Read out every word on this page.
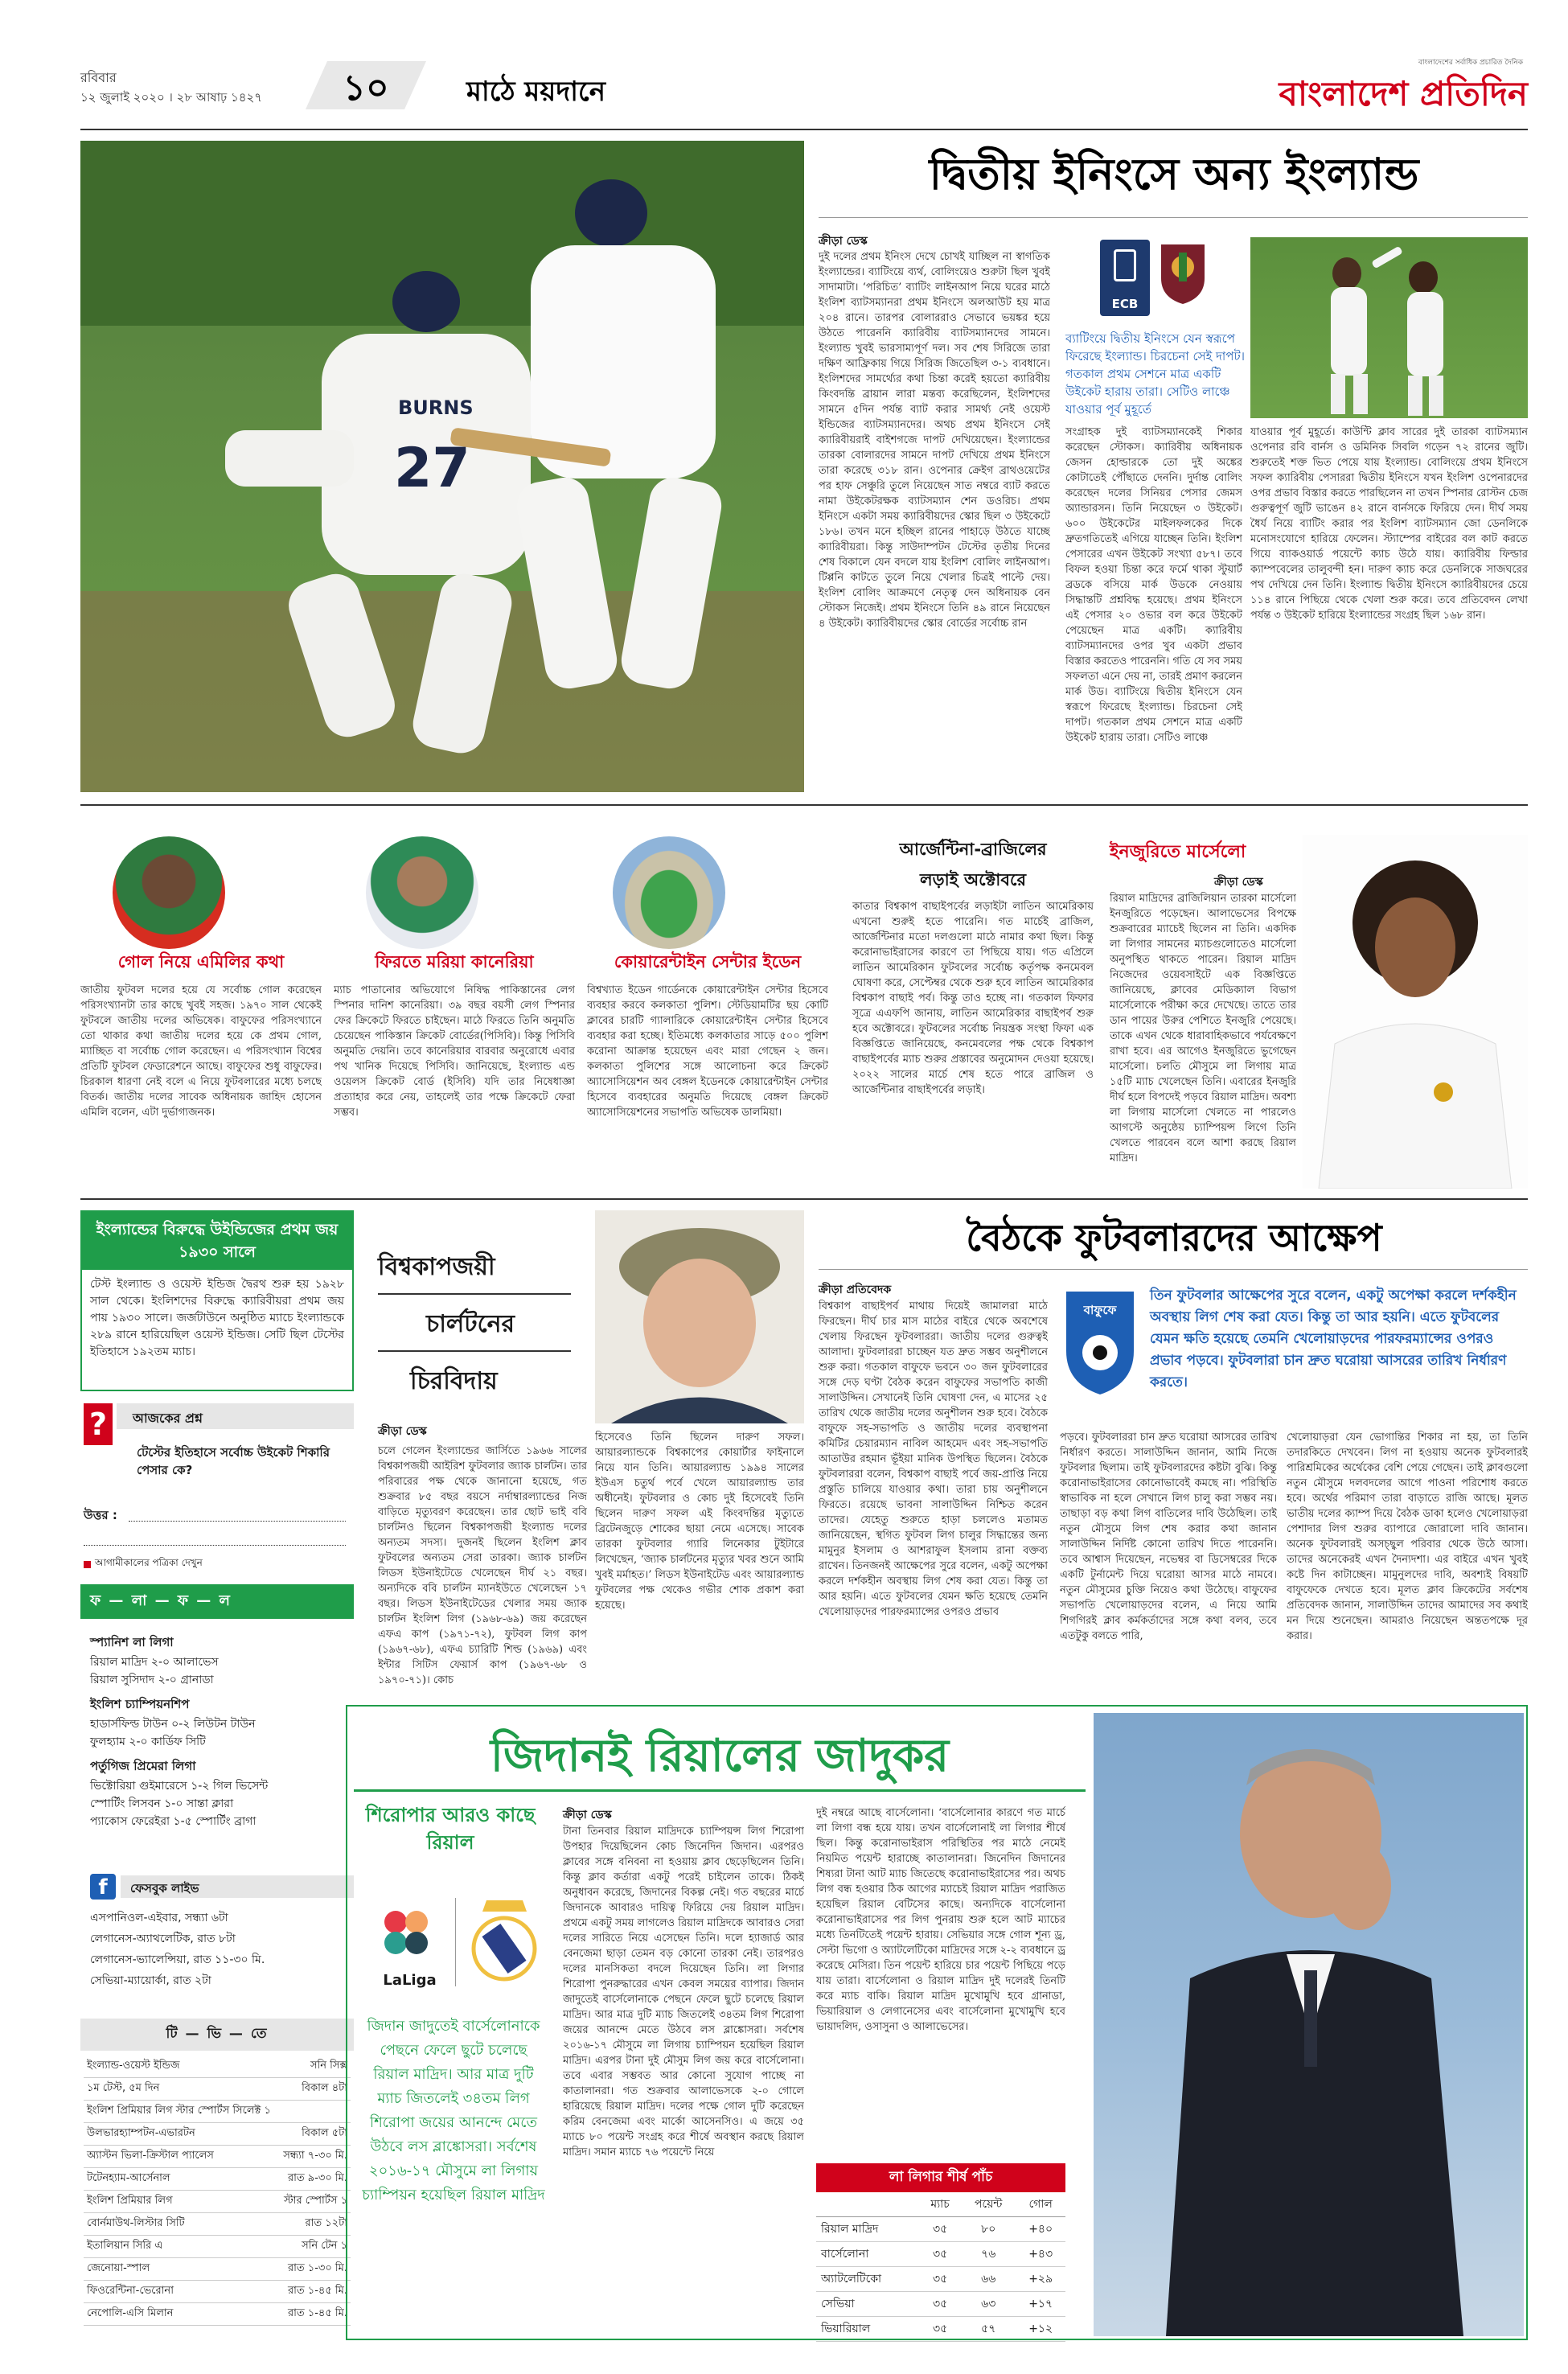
রবিবার
১২ জুলাই ২০২০ । ২৮ আষাঢ় ১৪২৭	১০	মাঠে ময়দানে
বাংলাদেশের সর্বাধিক প্রচারিত দৈনিক
বাংলাদেশ প্রতিদিন
27
BURNS
দ্বিতীয় ইনিংসে অন্য ইংল্যান্ড
ক্রীড়া ডেস্ক
দুই দলের প্রথম ইনিংস দেখে চোখই যাচ্ছিল না স্বাগতিক ইংল্যান্ডের। ব্যাটিংয়ে ব্যর্থ, বোলিংয়েও শুরুটা ছিল খুবই সাদামাটা। ‘পরিচিত’ ব্যাটিং লাইনআপ নিয়ে ঘরের মাঠে ইংলিশ ব্যাটসম্যানরা প্রথম ইনিংসে অলআউট হয় মাত্র ২০৪ রানে। তারপর বোলাররাও সেভাবে ভয়ঙ্কর হয়ে উঠতে পারেননি ক্যারিবীয় ব্যাটসম্যানদের সামনে। ইংল্যান্ড খুবই ভারসাম্যপূর্ণ দল। সব শেষ সিরিজে তারা দক্ষিণ আফ্রিকায় গিয়ে সিরিজ জিতেছিল ৩-১ ব্যবধানে। ইংলিশদের সামর্থ্যের কথা চিন্তা করেই হয়তো ক্যারিবীয় কিংবদন্তি ব্রায়ান লারা মন্তব্য করেছিলেন, ইংলিশদের সামনে ৫দিন পর্যন্ত ব্যাট করার সামর্থ্য নেই ওয়েস্ট ইন্ডিজের ব্যাটসম্যানদের। অথচ প্রথম ইনিংসে সেই ক্যারিবীয়রাই বাইশগজে দাপট দেখিয়েছেন। ইংল্যান্ডের তারকা বোলারদের সামনে দাপট দেখিয়ে প্রথম ইনিংসে তারা করেছে ৩১৮ রান। ওপেনার ক্রেইগ ব্রাথওয়েটের পর হাফ সেঞ্চুরি তুলে নিয়েছেন সাত নম্বরে ব্যাট করতে নামা উইকেটরক্ষক ব্যাটসম্যান শেন ডওরিচ। প্রথম ইনিংসে একটা সময় ক্যারিবীয়দের স্কোর ছিল ৩ উইকেটে ১৮৬। তখন মনে হচ্ছিল রানের পাহাড়ে উঠতে যাচ্ছে ক্যারিবীয়রা। কিন্তু সাউদাম্পটন টেস্টের তৃতীয় দিনের শেষ বিকালে যেন বদলে যায় ইংলিশ বোলিং লাইনআপ। টিপ্পনি কাটতে তুলে নিয়ে খেলার চিত্রই পাল্টে দেয়। ইংলিশ বোলিং আক্রমণে নেতৃত্ব দেন অধিনায়ক বেন স্টোকস নিজেই। প্রথম ইনিংসে তিনি ৪৯ রানে নিয়েছেন ৪ উইকেট। ক্যারিবীয়দের স্কোর বোর্ডের সর্বোচ্চ রান
ECB
ব্যাটিংয়ে দ্বিতীয় ইনিংসে যেন স্বরূপে ফিরেছে ইংল্যান্ড। চিরচেনা সেই দাপট। গতকাল প্রথম সেশনে মাত্র একটি উইকেট হারায় তারা। সেটিও লাঞ্চে যাওয়ার পূর্ব মুহূর্তে
সংগ্রাহক দুই ব্যাটসম্যানকেই শিকার করেছেন স্টোকস। ক্যারিবীয় অধিনায়ক জেসন হোল্ডারকে তো দুই অঙ্কের কোটাতেই পৌঁছাতে দেননি। দুর্দান্ত বোলিং করেছেন দলের সিনিয়র পেসার জেমস অ্যান্ডারসন। তিনি নিয়েছেন ৩ উইকেট। ৬০০ উইকেটের মাইলফলকের দিকে দ্রুতগতিতেই এগিয়ে যাচ্ছেন তিনি। ইংলিশ পেসারের এখন উইকেট সংখ্যা ৫৮৭। তবে বিফল হওয়া চিন্তা করে ফর্মে থাকা স্টুয়ার্ট ব্রডকে বসিয়ে মার্ক উডকে নেওয়ায় সিদ্ধান্তটি প্রশ্নবিদ্ধ হয়েছে। প্রথম ইনিংসে এই পেসার ২০ ওভার বল করে উইকেট পেয়েছেন মাত্র একটি। ক্যারিবীয় ব্যাটসম্যানদের ওপর খুব একটা প্রভাব বিস্তার করতেও পারেননি। গতি যে সব সময় সফলতা এনে দেয় না, তারই প্রমাণ করলেন মার্ক উড। ব্যাটিংয়ে দ্বিতীয় ইনিংসে যেন স্বরূপে ফিরেছে ইংল্যান্ড। চিরচেনা সেই দাপট। গতকাল প্রথম সেশনে মাত্র একটি উইকেট হারায় তারা। সেটিও লাঞ্চে
যাওয়ার পূর্ব মুহূর্তে। কাউন্টি ক্লাব সারের দুই তারকা ব্যাটসম্যান ওপেনার রবি বার্নস ও ডমিনিক সিবলি গড়েন ৭২ রানের জুটি। শুরুতেই শক্ত ভিত পেয়ে যায় ইংল্যান্ড। বোলিংয়ে প্রথম ইনিংসে সফল ক্যারিবীয় পেসাররা দ্বিতীয় ইনিংসে যখন ইংলিশ ওপেনারদের ওপর প্রভাব বিস্তার করতে পারছিলেন না তখন স্পিনার রোস্টন চেজ গুরুত্বপূর্ণ জুটি ভাঙেন ৪২ রানে বার্নসকে ফিরিয়ে দেন। দীর্ঘ সময় ধৈর্য নিয়ে ব্যাটিং করার পর ইংলিশ ব্যাটসম্যান জো ডেনলিকে মনোসংযোগে হারিয়ে ফেলেন। স্ট্যাম্পের বাইরের বল কাট করতে গিয়ে ব্যাকওয়ার্ড পয়েন্টে ক্যাচ উঠে যায়। ক্যারিবীয় ফিল্ডার ক্যাম্পবেলের তালুবন্দী হন। দারুণ ক্যাচ করে ডেনলিকে সাজঘরের পথ দেখিয়ে দেন তিনি। ইংল্যান্ড দ্বিতীয় ইনিংসে ক্যারিবীয়দের চেয়ে ১১৪ রানে পিছিয়ে থেকে খেলা শুরু করে। তবে প্রতিবেদন লেখা পর্যন্ত ৩ উইকেট হারিয়ে ইংল্যান্ডের সংগ্রহ ছিল ১৬৮ রান।
গোল নিয়ে এমিলির কথা
জাতীয় ফুটবল দলের হয়ে যে সর্বোচ্চ গোল করেছেন পরিসংখ্যানটা তার কাছে খুবই সহজ। ১৯৭০ সাল থেকেই ফুটবলে জাতীয় দলের অভিষেক। বাফুফের পরিসংখ্যানে তো থাকার কথা জাতীয় দলের হয়ে কে প্রথম গোল, ম্যাচ্ছিত বা সর্বোচ্চ গোল করেছেন। এ পরিসংখ্যান বিশ্বের প্রতিটি ফুটবল ফেডারেশনে আছে। বাফুফের শুধু বাফুফের। চিরকাল ধারণা নেই বলে এ নিয়ে ফুটবলারের মধ্যে চলছে বিতর্ক। জাতীয় দলের সাবেক অধিনায়ক জাহিদ হোসেন এমিলি বলেন, এটা দুর্ভাগ্যজনক।
ফিরতে মরিয়া কানেরিয়া
ম্যাচ পাতানোর অভিযোগে নিষিদ্ধ পাকিস্তানের লেগ স্পিনার দানিশ কানেরিয়া। ৩৯ বছর বয়সী লেগ স্পিনার ফের ক্রিকেটে ফিরতে চাইছেন। মাঠে ফিরতে তিনি অনুমতি চেয়েছেন পাকিস্তান ক্রিকেট বোর্ডের(পিসিবি)। কিন্তু পিসিবি অনুমতি দেয়নি। তবে কানেরিয়ার বারবার অনুরোধে এবার পথ খানিক দিয়েছে পিসিবি। জানিয়েছে, ইংল্যান্ড এন্ড ওয়েলস ক্রিকেট বোর্ড (ইসিবি) যদি তার নিষেধাজ্ঞা প্রত্যাহার করে নেয়, তাহলেই তার পক্ষে ক্রিকেটে ফেরা সম্ভব।
কোয়ারেন্টাইন সেন্টার ইডেন
বিশ্বখ্যাত ইডেন গার্ডেনকে কোয়ারেন্টাইন সেন্টার হিসেবে ব্যবহার করবে কলকাতা পুলিশ। স্টেডিয়ামটির ছয় কোটি ক্লাবের চারটি গ্যালারিকে কোয়ারেন্টাইন সেন্টার হিসেবে ব্যবহার করা হচ্ছে। ইতিমধ্যে কলকাতার সাড়ে ৫০০ পুলিশ করোনা আক্রান্ত হয়েছেন এবং মারা গেছেন ২ জন। কলকাতা পুলিশের সঙ্গে আলোচনা করে ক্রিকেট অ্যাসোসিয়েশন অব বেঙ্গল ইডেনকে কোয়ারেন্টাইন সেন্টার হিসেবে ব্যবহারের অনুমতি দিয়েছে বেঙ্গল ক্রিকেট অ্যাসোসিয়েশনের সভাপতি অভিষেক ডালমিয়া।
আর্জেন্টিনা-ব্রাজিলের
লড়াই অক্টোবরে
কাতার বিশ্বকাপ বাছাইপর্বের লড়াইটা লাতিন আমেরিকায় এখনো শুরুই হতে পারেনি। গত মার্চেই ব্রাজিল, আর্জেন্টিনার মতো দলগুলো মাঠে নামার কথা ছিল। কিন্তু করোনাভাইরাসের কারণে তা পিছিয়ে যায়। গত এপ্রিলে লাতিন আমেরিকান ফুটবলের সর্বোচ্চ কর্তৃপক্ষ কনমেবল ঘোষণা করে, সেপ্টেম্বর থেকে শুরু হবে লাতিন আমেরিকার বিশ্বকাপ বাছাই পর্ব। কিন্তু তাও হচ্ছে না। গতকাল ফিফার সূত্রে এএফপি জানায়, লাতিন আমেরিকার বাছাইপর্ব শুরু হবে অক্টোবরে। ফুটবলের সর্বোচ্চ নিয়ন্ত্রক সংস্থা ফিফা এক বিজ্ঞপ্তিতে জানিয়েছে, কনমেবলের পক্ষ থেকে বিশ্বকাপ বাছাইপর্বের ম্যাচ শুরুর প্রস্তাবের অনুমোদন দেওয়া হয়েছে। ২০২২ সালের মার্চে শেষ হতে পারে ব্রাজিল ও আর্জেন্টিনার বাছাইপর্বের লড়াই।
ইনজুরিতে মার্সেলো
ক্রীড়া ডেস্ক
রিয়াল মাদ্রিদের ব্রাজিলিয়ান তারকা মার্সেলো ইনজুরিতে পড়েছেন। আলাভেসের বিপক্ষে শুক্রবারের ম্যাচেই ছিলেন না তিনি। একদিক লা লিগার সামনের ম্যাচগুলোতেও মার্সেলো অনুপস্থিত থাকতে পারেন। রিয়াল মাদ্রিদ নিজেদের ওয়েবসাইটে এক বিজ্ঞপ্তিতে জানিয়েছে, ক্লাবের মেডিক্যাল বিভাগ মার্সেলোকে পরীক্ষা করে দেখেছে। তাতে তার ডান পায়ের উরুর পেশিতে ইনজুরি পেয়েছে। তাকে এখন থেকে ধারাবাহিকভাবে পর্যবেক্ষণে রাখা হবে। এর আগেও ইনজুরিতে ভুগেছেন মার্সেলো। চলতি মৌসুমে লা লিগায় মাত্র ১৫টি ম্যাচ খেলেছেন তিনি। এবারের ইনজুরি দীর্ঘ হলে বিপদেই পড়বে রিয়াল মাদ্রিদ। অবশ্য লা লিগায় মার্সেলো খেলতে না পারলেও আগস্টে অনুষ্ঠেয় চ্যাম্পিয়ন্স লিগে তিনি খেলতে পারবেন বলে আশা করছে রিয়াল মাদ্রিদ।
ইংল্যান্ডের বিরুদ্ধে উইন্ডিজের প্রথম জয় ১৯৩০ সালে
টেস্ট ইংল্যান্ড ও ওয়েস্ট ইন্ডিজ দ্বৈরথ শুরু হয় ১৯২৮ সাল থেকে। ইংলিশদের বিরুদ্ধে ক্যারিবীয়রা প্রথম জয় পায় ১৯৩০ সালে। জর্জটাউনে অনুষ্ঠিত ম্যাচে ইংল্যান্ডকে ২৮৯ রানে হারিয়েছিল ওয়েস্ট ইন্ডিজ। সেটি ছিল টেস্টের ইতিহাসে ১৯২তম ম্যাচ।
আজকের প্রশ্ন
?
টেস্টের ইতিহাসে সর্বোচ্চ উইকেট শিকারি পেসার কে?
উত্তর :
আগামীকালের পত্রিকা দেখুন
ফ — লা — ফ — ল
স্প্যানিশ লা লিগা
রিয়াল মাদ্রিদ ২-০ আলাভেস
রিয়াল সুসিদাদ ২-০ গ্রানাডা
ইংলিশ চ্যাম্পিয়নশিপ
হাডার্সফিল্ড টাউন ০-২ লিউটন টাউন
ফুলহ্যাম ২-০ কার্ডিফ সিটি
পর্তুগিজ প্রিমেরা লিগা
ভিক্টোরিয়া গুইমারেসে ১-২ গিল ভিসেন্ট
স্পোর্টিং লিসবন ১-০ সান্তা ক্লারা
প্যাকোস ফেরেইরা ১-৫ স্পোর্টিং ব্রাগা
f	ফেসবুক লাইভ
এসপানিওল-এইবার, সন্ধ্যা ৬টা
লেগানেস-অ্যাথলেটিক, রাত ৮টা
লেগানেস-ভ্যালেন্সিয়া, রাত ১১-৩০ মি.
সেভিয়া-ম্যায়োর্কা, রাত ২টা
টি — ভি — তে
ইংল্যান্ড-ওয়েস্ট ইন্ডিজ	সনি সিক্স
১ম টেস্ট, ৫ম দিন	বিকাল ৪টা
ইংলিশ প্রিমিয়ার লিগ স্টার স্পোর্টস সিলেক্ট ১
উলভারহ্যাম্পটন-এভারটন	বিকাল ৫টা
অ্যাস্টন ভিলা-ক্রিস্টাল প্যালেস	সন্ধ্যা ৭-৩০ মি.
টটেনহ্যাম-আর্সেনাল	রাত ৯-৩০ মি.
ইংলিশ প্রিমিয়ার লিগ	স্টার স্পোর্টস ১
বোর্নমাউথ-লিস্টার সিটি	রাত ১২টা
ইতালিয়ান সিরি এ	সনি টেন ১
জেনোয়া-স্পাল	রাত ১-৩০ মি.
ফিওরেন্টিনা-ভেরোনা	রাত ১-৪৫ মি.
নেপোলি-এসি মিলান	রাত ১-৪৫ মি.
বিশ্বকাপজয়ী
চার্লটনের
চিরবিদায়
ক্রীড়া ডেস্ক
চলে গেলেন ইংল্যান্ডের জার্সিতে ১৯৬৬ সালের বিশ্বকাপজয়ী আইরিশ ফুটবলার জ্যাক চার্লটন। তার পরিবারের পক্ষ থেকে জানানো হয়েছে, গত শুক্রবার ৮৫ বছর বয়সে নর্দাম্বারল্যান্ডের নিজ বাড়িতে মৃত্যুবরণ করেছেন। তার ছোট ভাই ববি চার্লটনও ছিলেন বিশ্বকাপজয়ী ইংল্যান্ড দলের অন্যতম সদস্য। দুজনই ছিলেন ইংলিশ ক্লাব ফুটবলের অন্যতম সেরা তারকা। জ্যাক চার্লটন লিডস ইউনাইটেডে খেলেছেন দীর্ঘ ২১ বছর। অন্যদিকে ববি চার্লটন ম্যানইউতে খেলেছেন ১৭ বছর। লিডস ইউনাইটেডের খেলার সময় জ্যাক চার্লটন ইংলিশ লিগ (১৯৬৮-৬৯) জয় করেছেন এফএ কাপ (১৯৭১-৭২), ফুটবল লিগ কাপ (১৯৬৭-৬৮), এফএ চ্যারিটি শিল্ড (১৯৬৯) এবং ইন্টার সিটিস ফেয়ার্স কাপ (১৯৬৭-৬৮ ও ১৯৭০-৭১)। কোচ
হিসেবেও তিনি ছিলেন দারুণ সফল। আয়ারল্যান্ডকে বিশ্বকাপের কোয়ার্টার ফাইনালে নিয়ে যান তিনি। আয়ারল্যান্ড ১৯৯৪ সালের ইউএস চতুর্থ পর্বে খেলে আয়ারল্যান্ড তার অধীনেই। ফুটবলার ও কোচ দুই হিসেবেই তিনি ছিলেন দারুণ সফল এই কিংবদন্তির মৃত্যুতে ব্রিটেনজুড়ে শোকের ছায়া নেমে এসেছে। সাবেক তারকা ফুটবলার গ্যারি লিনেকার টুইটারে লিখেছেন, ‘জ্যাক চার্লটনের মৃত্যুর খবর শুনে আমি খুবই মর্মাহত।’ লিডস ইউনাইটেড এবং আয়ারল্যান্ড ফুটবলের পক্ষ থেকেও গভীর শোক প্রকাশ করা হয়েছে।
বৈঠকে ফুটবলারদের আক্ষেপ
ক্রীড়া প্রতিবেদক
বিশ্বকাপ বাছাইপর্ব মাথায় দিয়েই জামালরা মাঠে ফিরছেন। দীর্ঘ চার মাস মাঠের বাইরে থেকে অবশেষে খেলায় ফিরছেন ফুটবলাররা। জাতীয় দলের গুরুত্বই আলাদা। ফুটবলাররা চাচ্ছেন যত দ্রুত সম্ভব অনুশীলনে শুরু করা। গতকাল বাফুফে ভবনে ৩০ জন ফুটবলারের সঙ্গে দেড় ঘণ্টা বৈঠক করেন বাফুফের সভাপতি কাজী সালাউদ্দিন। সেখানেই তিনি ঘোষণা দেন, এ মাসের ২৫ তারিখ থেকে জাতীয় দলের অনুশীলন শুরু হবে। বৈঠকে বাফুফে সহ-সভাপতি ও জাতীয় দলের ব্যবস্থাপনা কমিটির চেয়ারম্যান নাবিল আহমেদ এবং সহ-সভাপতি আতাউর রহমান ভূঁইয়া মানিক উপস্থিত ছিলেন। বৈঠকে ফুটবলাররা বলেন, বিশ্বকাপ বাছাই পর্বে জয়-প্রাপ্তি নিয়ে প্রস্তুতি চালিয়ে যাওয়ার কথা। তারা চায় অনুশীলনে ফিরতে। রয়েছে ভাবনা সালাউদ্দিন নিশ্চিত করেন তাদের। যেহেতু শুরুতে হাড়া চললেও মতামত জানিয়েছেন, স্থগিত ফুটবল লিগ চালুর সিদ্ধান্তের জন্য মামুনুর ইসলাম ও আশরাফুল ইসলাম রানা বক্তব্য রাখেন। তিনজনই আক্ষেপের সুরে বলেন, একটু অপেক্ষা করলে দর্শকহীন অবস্থায় লিগ শেষ করা যেত। কিন্তু তা আর হয়নি। এতে ফুটবলের যেমন ক্ষতি হয়েছে তেমনি খেলোয়াড়দের পারফরম্যান্সের ওপরও প্রভাব
বাফুফে
তিন ফুটবলার আক্ষেপের সুরে বলেন, একটু অপেক্ষা করলে দর্শকহীন অবস্থায় লিগ শেষ করা যেত। কিন্তু তা আর হয়নি। এতে ফুটবলের যেমন ক্ষতি হয়েছে তেমনি খেলোয়াড়দের পারফরম্যান্সের ওপরও প্রভাব পড়বে। ফুটবলারা চান দ্রুত ঘরোয়া আসরের তারিখ নির্ধারণ করতে।
পড়বে। ফুটবলাররা চান দ্রুত ঘরোয়া আসরের তারিখ নির্ধারণ করতে। সালাউদ্দিন জানান, আমি নিজে ফুটবলার ছিলাম। তাই ফুটবলারদের কষ্টটা বুঝি। কিন্তু করোনাভাইরাসের কোনোভাবেই কমছে না। পরিস্থিতি স্বাভাবিক না হলে সেখানে লিগ চালু করা সম্ভব নয়। তাছাড়া বড় কথা লিগ বাতিলের দাবি উঠেছিল। তাই নতুন মৌসুমে লিগ শেষ করার কথা জানান সালাউদ্দিন নির্দিষ্ট কোনো তারিখ দিতে পারেননি। তবে আশ্বাস দিয়েছেন, নভেম্বর বা ডিসেম্বরের দিকে একটি টুর্নামেন্ট দিয়ে ঘরোয়া আসর মাঠে নামবে। নতুন মৌসুমের চুক্তি নিয়েও কথা উঠেছে। বাফুফের সভাপতি খেলোয়াড়দের বলেন, এ নিয়ে আমি শিগগিরই ক্লাব কর্মকর্তাদের সঙ্গে কথা বলব, তবে এতটুকু বলতে পারি,
খেলোয়াড়রা যেন ভোগান্তির শিকার না হয়, তা তিনি তদারকিতে দেখবেন। লিগ না হওয়ায় অনেক ফুটবলারই পারিশ্রমিকের অর্থেকের বেশি পেয়ে গেছেন। তাই ক্লাবগুলো নতুন মৌসুমে দলবদলের আগে পাওনা পরিশোধ করতে হবে। অর্থের পরিমাণ তারা বাড়াতে রাজি আছে। মূলত ভাতীয় দলের ক্যাম্প দিয়ে বৈঠক ডাকা হলেও খেলোয়াড়রা পেশাদার লিগ শুরুর ব্যাপারে জোরালো দাবি জানান। অনেক ফুটবলারই অসচ্ছ্বল পরিবার থেকে উঠে আসা। তাদের অনেকেরই এখন দৈন্যদশা। এর বাইরে এখন খুবই কষ্টে দিন কাটাচ্ছেন। মামুনুলদের দাবি, অবশ্যই বিষয়টি বাফুফেকে দেখতে হবে। মূলত ক্লাব ক্রিকেটের সর্বশেষ প্রতিবেদক জানান, সালাউদ্দিন তাদের আমাদের সব কথাই মন দিয়ে শুনেছেন। আমরাও নিয়েছেন অন্ততপক্ষে দূর করার।
জিদানই রিয়ালের জাদুকর
শিরোপার আরও কাছে রিয়াল
LaLiga
জিদান জাদুতেই বার্সেলোনাকে পেছনে ফেলে ছুটে চলেছে রিয়াল মাদ্রিদ। আর মাত্র দুটি ম্যাচ জিতলেই ৩৪তম লিগ শিরোপা জয়ের আনন্দে মেতে উঠবে লস ব্লাঙ্কোসরা। সর্বশেষ ২০১৬-১৭ মৌসুমে লা লিগায় চ্যাম্পিয়ন হয়েছিল রিয়াল মাদ্রিদ
ক্রীড়া ডেস্ক
টানা তিনবার রিয়াল মাদ্রিদকে চ্যাম্পিয়ন্স লিগ শিরোপা উপহার দিয়েছিলেন কোচ জিনেদিন জিদান। এরপরও ক্লাবের সঙ্গে বনিবনা না হওয়ায় ক্লাব ছেড়েছিলেন তিনি। কিন্তু ক্লাব কর্তারা একটু পরেই চাইলেন তাকে। ঠিকই অনুধাবন করেছে, জিদানের বিকল্প নেই। গত বছরের মার্চে জিদানকে আবারও দায়িত্ব ফিরিয়ে দেয় রিয়াল মাদ্রিদ। প্রথমে একটু সময় লাগলেও রিয়াল মাদ্রিদকে আবারও সেরা দলের সারিতে নিয়ে এসেছেন তিনি। দলে হ্যাজার্ড আর বেনজেমা ছাড়া তেমন বড় কোনো তারকা নেই। তারপরও দলের মানসিকতা বদলে দিয়েছেন তিনি। লা লিগার শিরোপা পুনরুদ্ধারের এখন কেবল সময়ের ব্যাপার। জিদান জাদুতেই বার্সেলোনাকে পেছনে ফেলে ছুটে চলেছে রিয়াল মাদ্রিদ। আর মাত্র দুটি ম্যাচ জিতলেই ৩৪তম লিগ শিরোপা জয়ের আনন্দে মেতে উঠবে লস ব্লাঙ্কোসরা। সর্বশেষ ২০১৬-১৭ মৌসুমে লা লিগায় চ্যাম্পিয়ন হয়েছিল রিয়াল মাদ্রিদ। এরপর টানা দুই মৌসুম লিগ জয় করে বার্সেলোনা। তবে এবার সম্ভবত আর কোনো সুযোগ পাচ্ছে না কাতালানরা। গত শুক্রবার আলাভেসকে ২-০ গোলে হারিয়েছে রিয়াল মাদ্রিদ। দলের পক্ষে গোল দুটি করেছেন করিম বেনজেমা এবং মার্কো আসেনসিও। এ জয়ে ৩৫ ম্যাচে ৮০ পয়েন্ট সংগ্রহ করে শীর্ষে অবস্থান করছে রিয়াল মাদ্রিদ। সমান ম্যাচে ৭৬ পয়েন্টে নিয়ে
দুই নম্বরে আছে বার্সেলোনা। ‘বার্সেলোনার কারণে গত মার্চে লা লিগা বন্ধ হয়ে যায়। তখন বার্সেলোনাই লা লিগার শীর্ষে ছিল। কিন্তু করোনাভাইরাস পরিস্থিতির পর মাঠে নেমেই নিয়মিত পয়েন্ট হারাচ্ছে কাতালানরা। জিনেদিন জিদানের শিষ্যরা টানা আট ম্যাচ জিতেছে করোনাভাইরাসের পর। অথচ লিগ বন্ধ হওয়ার ঠিক আগের ম্যাচেই রিয়াল মাদ্রিদ পরাজিত হয়েছিল রিয়াল বেটিসের কাছে। অন্যদিকে বার্সেলোনা করোনাভাইরাসের পর লিগ পুনরায় শুরু হলে আট ম্যাচের মধ্যে তিনটিতেই পয়েন্ট হারায়। সেভিয়ার সঙ্গে গোল শূন্য ড্র, সেল্টা ভিগো ও অ্যাটলেটিকো মাদ্রিদের সঙ্গে ২-২ ব্যবধানে ড্র করেছে মেসিরা। তিন পয়েন্ট হারিয়ে চার পয়েন্ট পিছিয়ে পড়ে যায় তারা। বার্সেলোনা ও রিয়াল মাদ্রিদ দুই দলেরই তিনটি করে ম্যাচ বাকি। রিয়াল মাদ্রিদ মুখোমুখি হবে গ্রানাডা, ভিয়ারিয়াল ও লেগানেসের এবং বার্সেলোনা মুখোমুখি হবে ভায়াদলিদ, ওসাসুনা ও আলাভেসের।
লা লিগার শীর্ষ পাঁচ
	ম্যাচ	পয়েন্ট	গোল
রিয়াল মাদ্রিদ	৩৫	৮০	+৪০
বার্সেলোনা	৩৫	৭৬	+৪৩
অ্যাটলেটিকো	৩৫	৬৬	+২৯
সেভিয়া	৩৫	৬৩	+১৭
ভিয়ারিয়াল	৩৫	৫৭	+১২
